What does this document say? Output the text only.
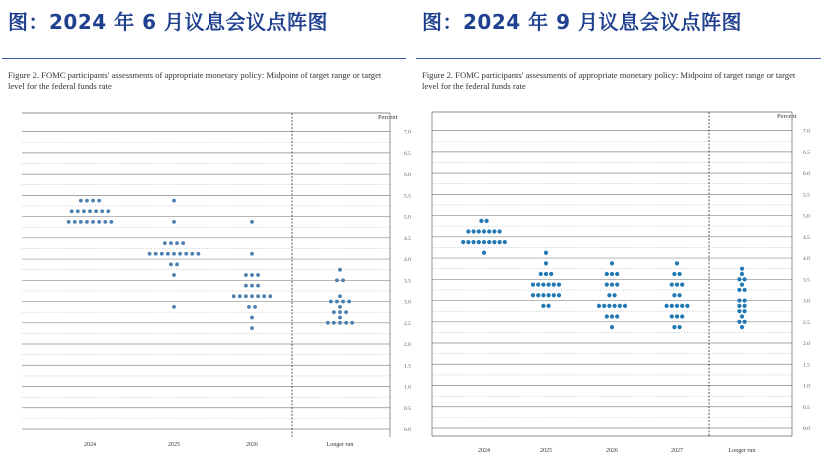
图：2024 年 6 月议息会议点阵图
Figure 2. FOMC participants' assessments of appropriate monetary policy: Midpoint of target range or target level for the federal funds rate
Percent
7.0
6.5
6.0
5.5
5.0
4.5
4.0
3.5
3.0
2.5
2.0
1.5
1.0
0.5
0.0
2024	2025	2026	Longer run
图：2024 年 9 月议息会议点阵图
Figure 2. FOMC participants' assessments of appropriate monetary policy: Midpoint of target range or target level for the federal funds rate
Percent
7.0
6.5
6.0
5.5
5.0
4.5
4.0
3.5
3.0
2.5
2.0
1.5
1.0
0.5
0.0
2024	2025	2026	2027	Longer run
